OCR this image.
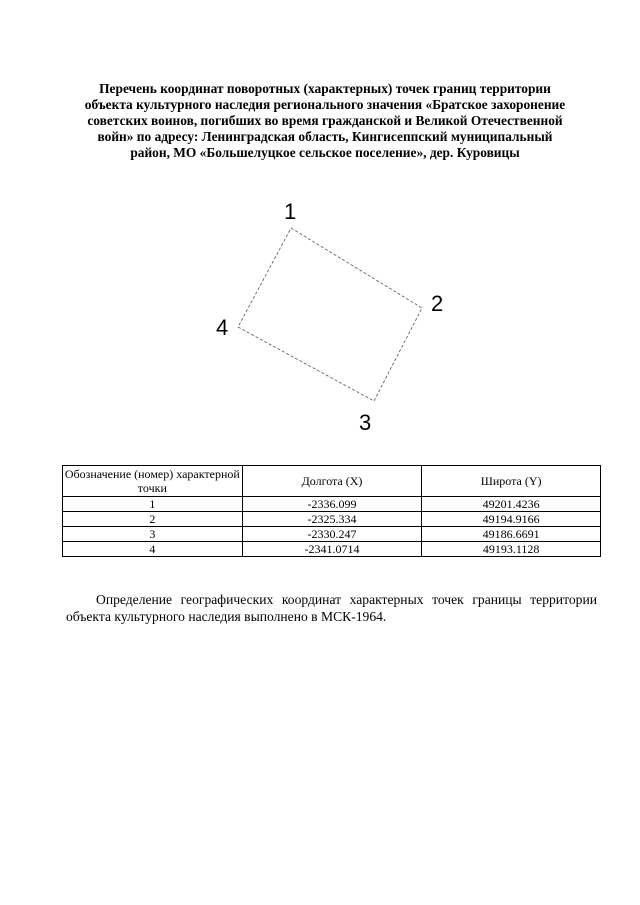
Перечень координат поворотных (характерных) точек границ территории
объекта культурного наследия регионального значения «Братское захоронение
советских воинов, погибших во время гражданской и Великой Отечественной
войн» по адресу: Ленинградская область, Кингисеппский муниципальный
район, МО «Большелуцкое сельское поселение», дер. Куровицы
1
2
3
4
Обозначение (номер) характерной точки	Долгота (X)	Широта (Y)
1	-2336.099	49201.4236
2	-2325.334	49194.9166
3	-2330.247	49186.6691
4	-2341.0714	49193.1128

Определение географических координат характерных точек границы территории объекта культурного наследия выполнено в МСК-1964.
